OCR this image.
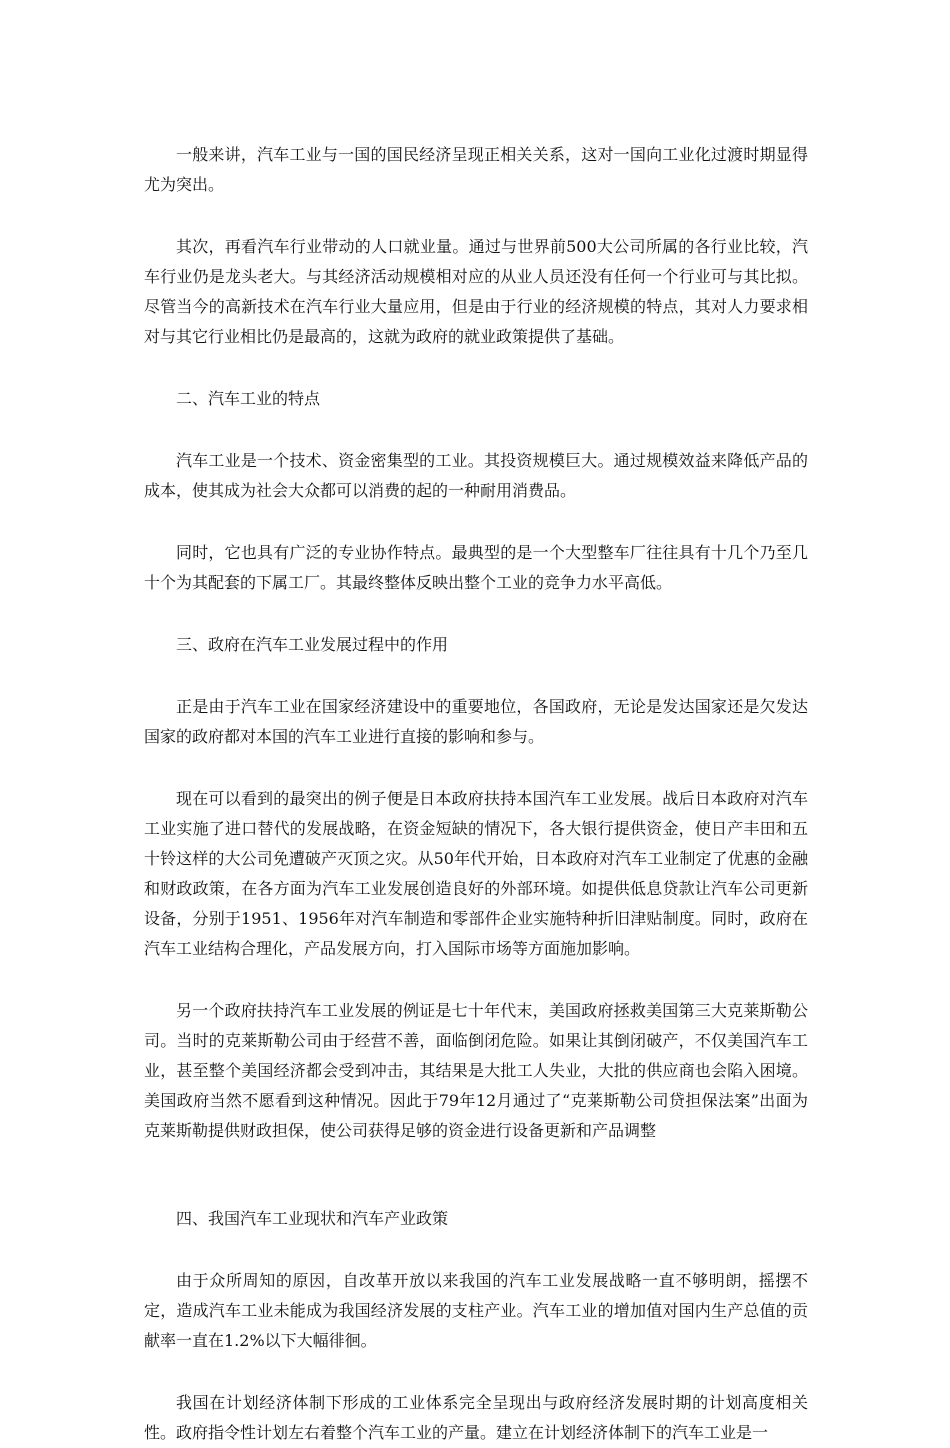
一般来讲，汽车工业与一国的国民经济呈现正相关关系，这对一国向工业化过渡时期显得尤为突出。

其次，再看汽车行业带动的人口就业量。通过与世界前500大公司所属的各行业比较，汽车行业仍是龙头老大。与其经济活动规模相对应的从业人员还没有任何一个行业可与其比拟。尽管当今的高新技术在汽车行业大量应用，但是由于行业的经济规模的特点，其对人力要求相对与其它行业相比仍是最高的，这就为政府的就业政策提供了基础。

二、汽车工业的特点

汽车工业是一个技术、资金密集型的工业。其投资规模巨大。通过规模效益来降低产品的成本，使其成为社会大众都可以消费的起的一种耐用消费品。

同时，它也具有广泛的专业协作特点。最典型的是一个大型整车厂往往具有十几个乃至几十个为其配套的下属工厂。其最终整体反映出整个工业的竞争力水平高低。

三、政府在汽车工业发展过程中的作用

正是由于汽车工业在国家经济建设中的重要地位，各国政府，无论是发达国家还是欠发达国家的政府都对本国的汽车工业进行直接的影响和参与。

现在可以看到的最突出的例子便是日本政府扶持本国汽车工业发展。战后日本政府对汽车工业实施了进口替代的发展战略，在资金短缺的情况下，各大银行提供资金，使日产丰田和五十铃这样的大公司免遭破产灭顶之灾。从50年代开始，日本政府对汽车工业制定了优惠的金融和财政政策，在各方面为汽车工业发展创造良好的外部环境。如提供低息贷款让汽车公司更新设备，分别于1951、1956年对汽车制造和零部件企业实施特种折旧津贴制度。同时，政府在汽车工业结构合理化，产品发展方向，打入国际市场等方面施加影响。

另一个政府扶持汽车工业发展的例证是七十年代末，美国政府拯救美国第三大克莱斯勒公司。当时的克莱斯勒公司由于经营不善，面临倒闭危险。如果让其倒闭破产，不仅美国汽车工业，甚至整个美国经济都会受到冲击，其结果是大批工人失业，大批的供应商也会陷入困境。美国政府当然不愿看到这种情况。因此于79年12月通过了“克莱斯勒公司贷担保法案”出面为克莱斯勒提供财政担保，使公司获得足够的资金进行设备更新和产品调整

四、我国汽车工业现状和汽车产业政策

由于众所周知的原因，自改革开放以来我国的汽车工业发展战略一直不够明朗，摇摆不定，造成汽车工业未能成为我国经济发展的支柱产业。汽车工业的增加值对国内生产总值的贡献率一直在1.2%以下大幅徘徊。

我国在计划经济体制下形成的工业体系完全呈现出与政府经济发展时期的计划高度相关性。政府指令性计划左右着整个汽车工业的产量。建立在计划经济体制下的汽车工业是一
